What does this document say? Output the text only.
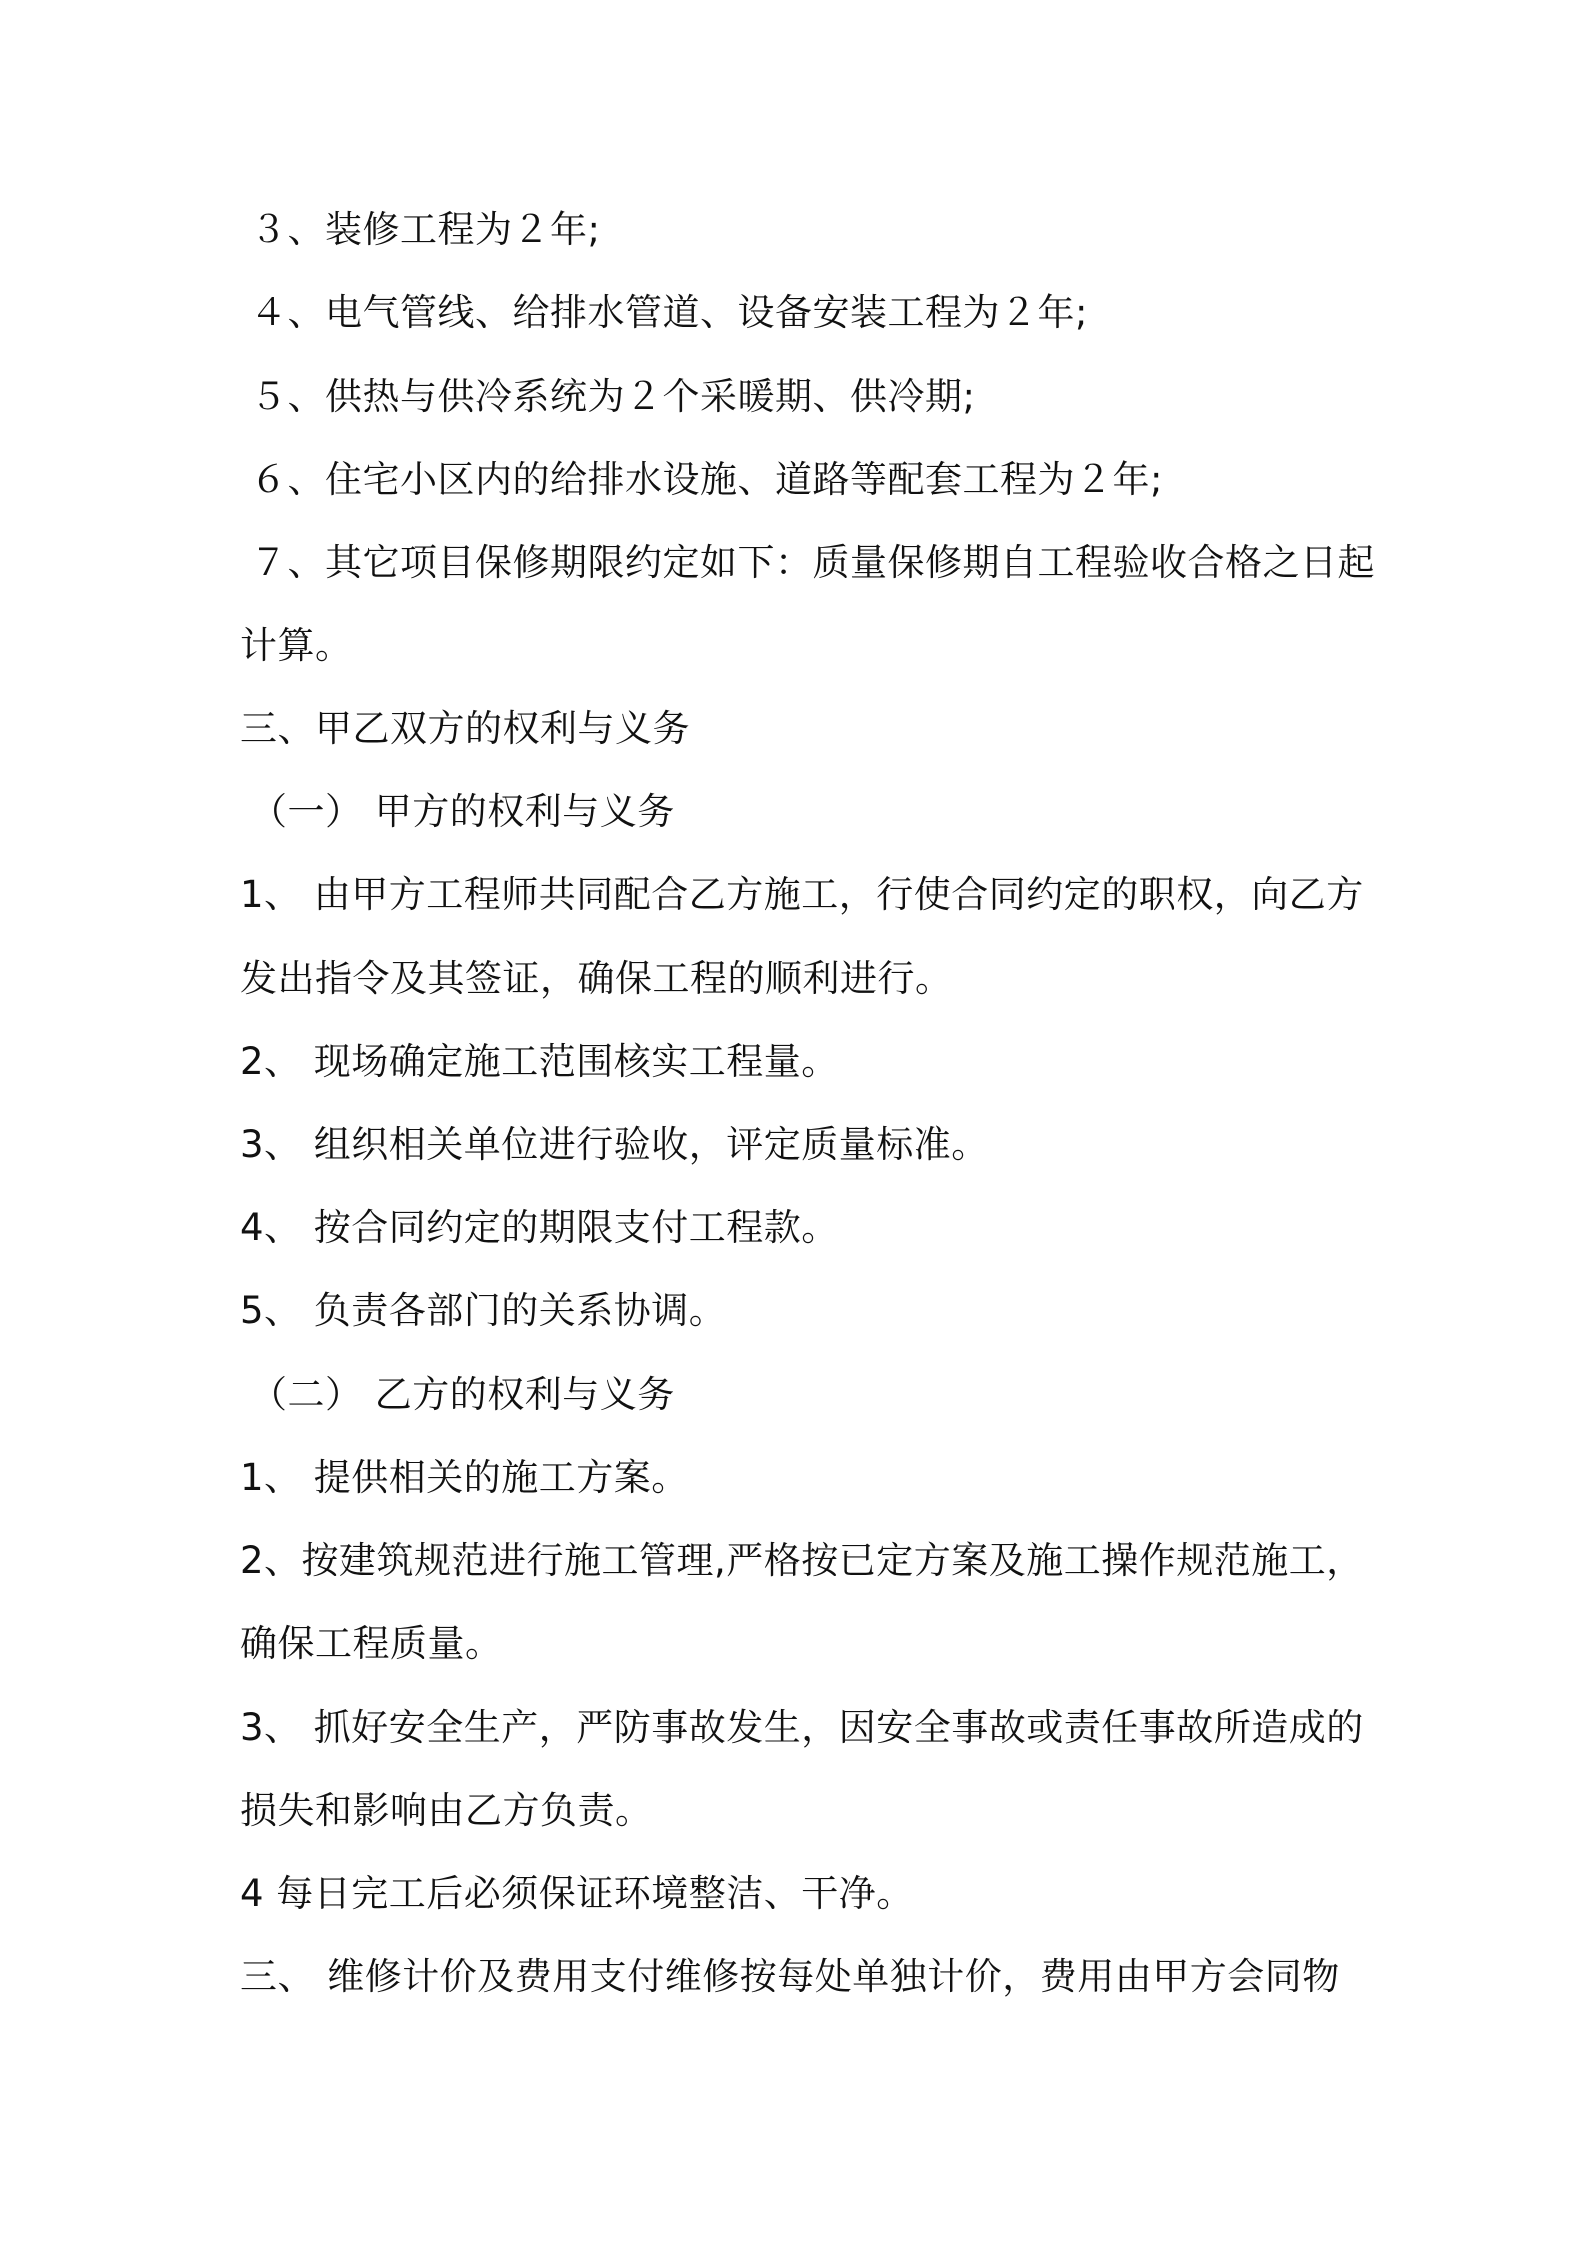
３、装修工程为２年;
４、电气管线、给排水管道、设备安装工程为２年;
５、供热与供冷系统为２个采暖期、供冷期;
６、住宅小区内的给排水设施、道路等配套工程为２年;
７、其它项目保修期限约定如下：质量保修期自工程验收合格之日起
计算。
三、甲乙双方的权利与义务
（一） 甲方的权利与义务
1、 由甲方工程师共同配合乙方施工，行使合同约定的职权，向乙方
发出指令及其签证，确保工程的顺利进行。
2、 现场确定施工范围核实工程量。
3、 组织相关单位进行验收，评定质量标准。
4、 按合同约定的期限支付工程款。
5、 负责各部门的关系协调。
（二） 乙方的权利与义务
1、 提供相关的施工方案。
2、按建筑规范进行施工管理,严格按已定方案及施工操作规范施工，
确保工程质量。
3、 抓好安全生产，严防事故发生，因安全事故或责任事故所造成的
损失和影响由乙方负责。
4 每日完工后必须保证环境整洁、干净。
三、 维修计价及费用支付维修按每处单独计价，费用由甲方会同物
